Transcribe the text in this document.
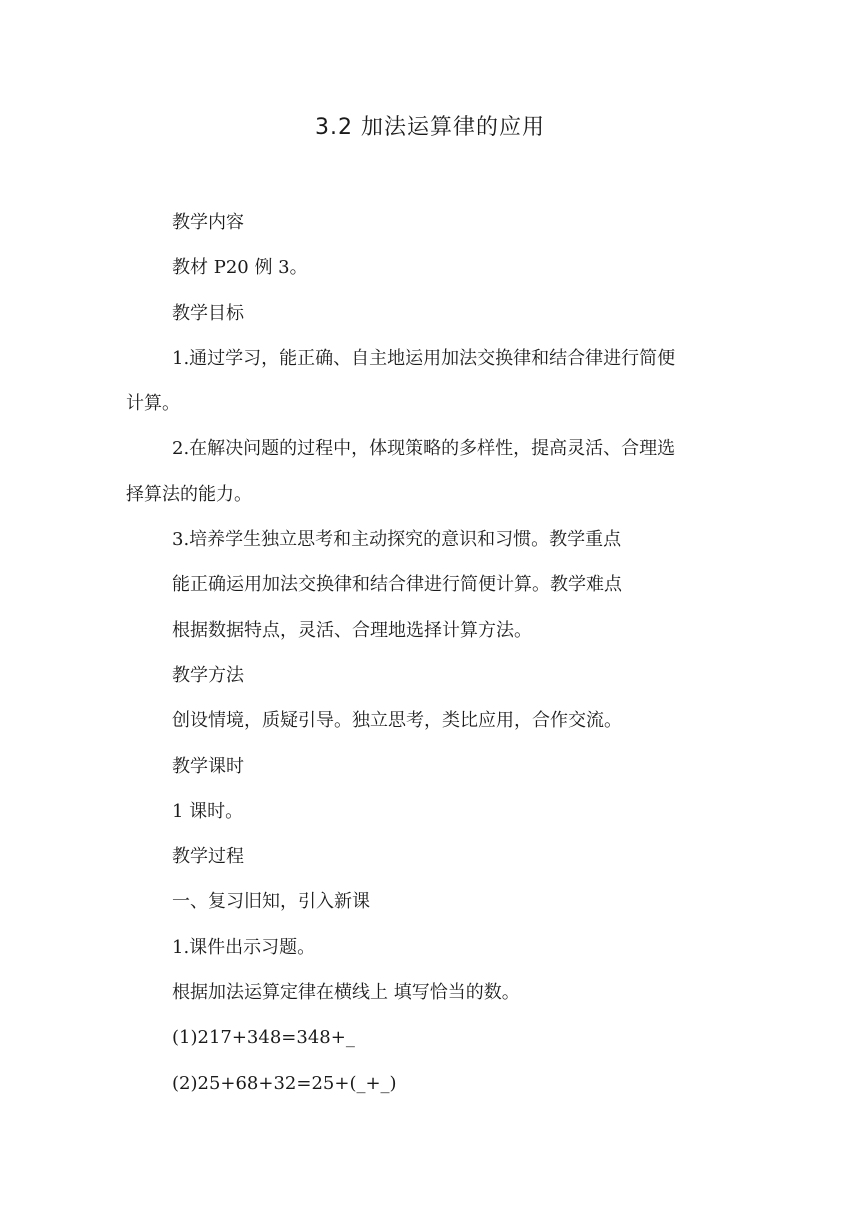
3.2 加法运算律的应用

教学内容

教材 P20 例 3。

教学目标

1.通过学习，能正确、自主地运用加法交换律和结合律进行简便

计算。

2.在解决问题的过程中，体现策略的多样性，提高灵活、合理选

择算法的能力。

3.培养学生独立思考和主动探究的意识和习惯。教学重点

能正确运用加法交换律和结合律进行简便计算。教学难点

根据数据特点，灵活、合理地选择计算方法。

教学方法

创设情境，质疑引导。独立思考，类比应用，合作交流。

教学课时

1 课时。

教学过程

一、复习旧知，引入新课

1.课件出示习题。

根据加法运算定律在横线上 填写恰当的数。

(1)217+348=348+_

(2)25+68+32=25+(_+_)
